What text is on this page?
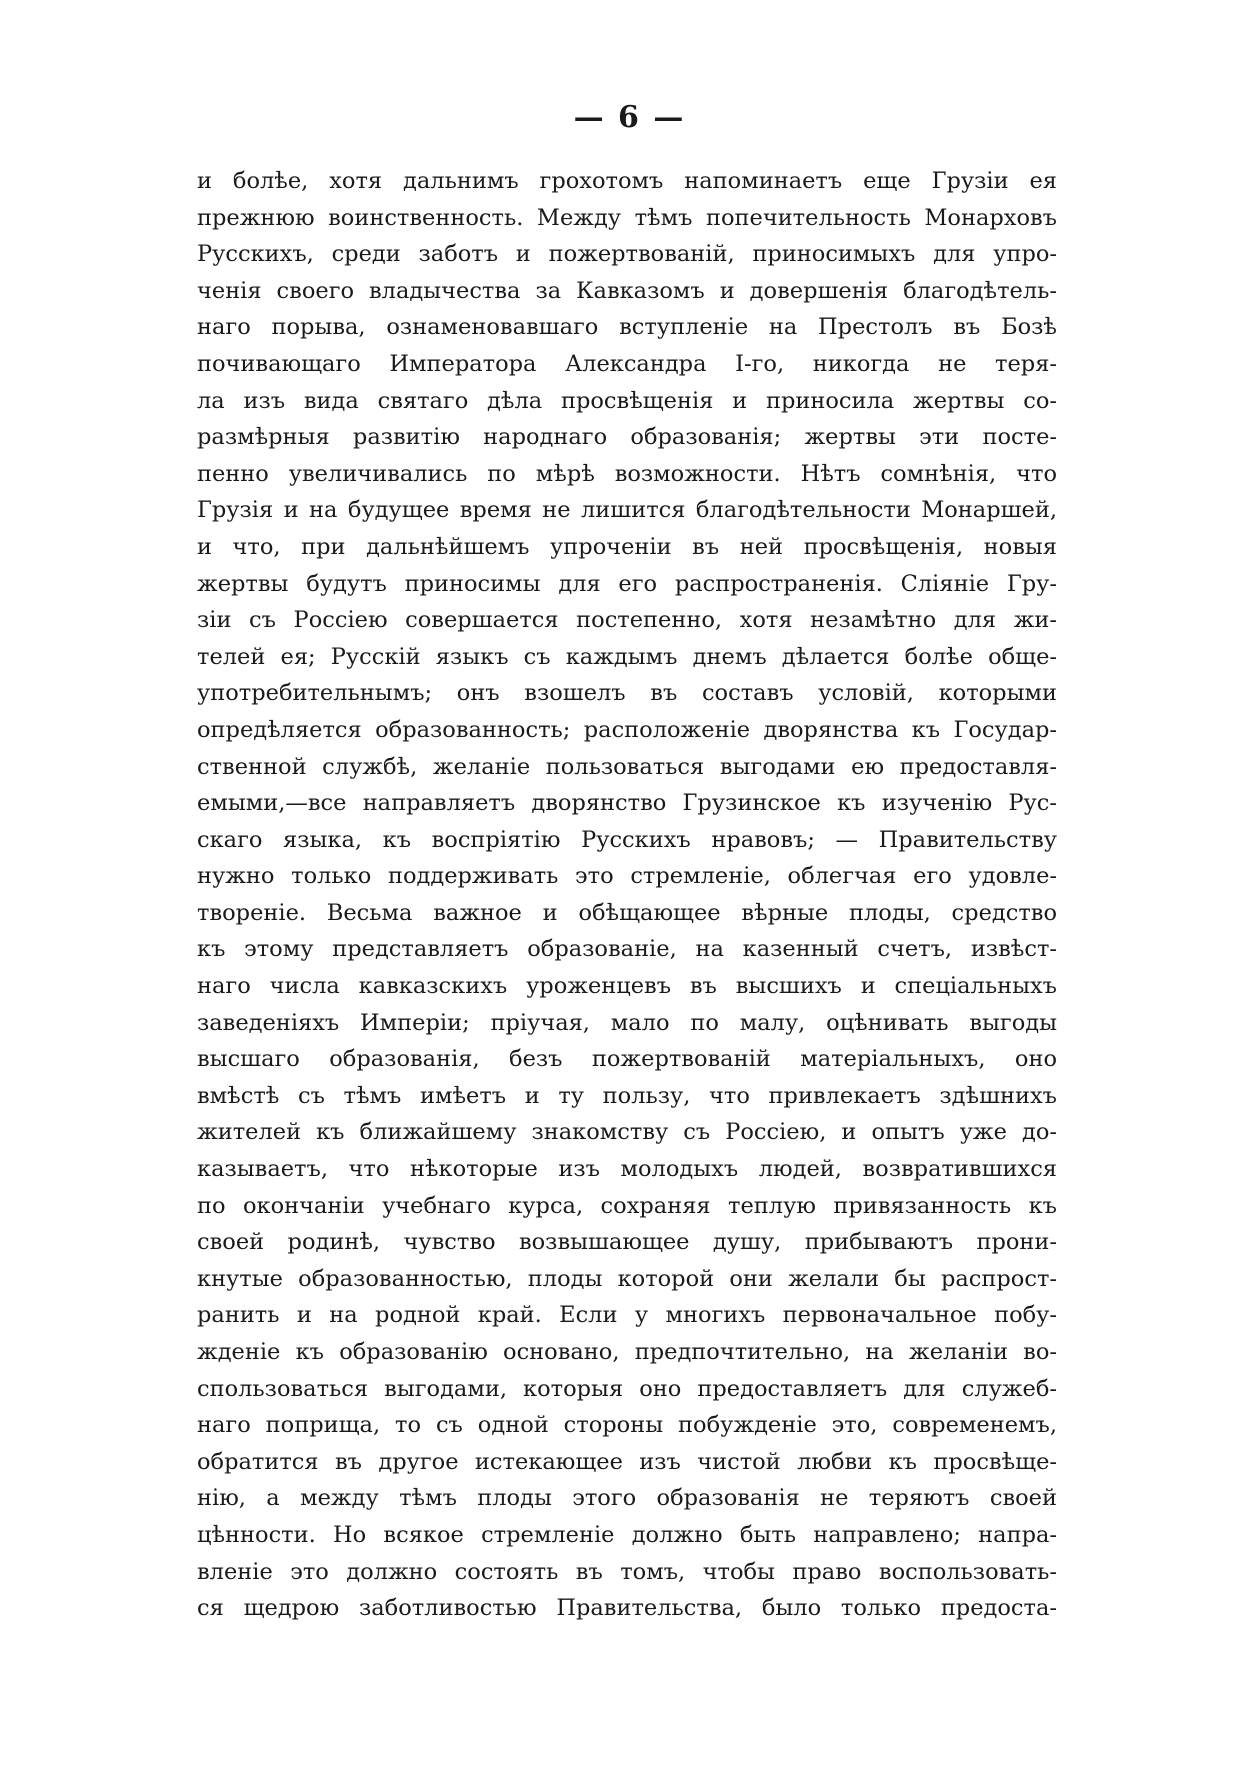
— 6 —
и болѣе, хотя дальнимъ грохотомъ напоминаетъ еще Грузіи ея
прежнюю воинственность. Между тѣмъ попечительность Монарховъ
Русскихъ, среди заботъ и пожертвованій, приносимыхъ для упро-
ченія своего владычества за Кавказомъ и довершенія благодѣтель-
наго порыва, ознаменовавшаго вступленіе на Престолъ въ Бозѣ
почивающаго Императора Александра I-го, никогда не теря-
ла изъ вида святаго дѣла просвѣщенія и приносила жертвы со-
размѣрныя развитію народнаго образованія; жертвы эти посте-
пенно увеличивались по мѣрѣ возможности. Нѣтъ сомнѣнія, что
Грузія и на будущее время не лишится благодѣтельности Монаршей,
и что, при дальнѣйшемъ упроченіи въ ней просвѣщенія, новыя
жертвы будутъ приносимы для его распространенія. Сліяніе Гру-
зіи съ Россіею совершается постепенно, хотя незамѣтно для жи-
телей ея; Русскій языкъ съ каждымъ днемъ дѣлается болѣе обще-
употребительнымъ; онъ взошелъ въ составъ условій, которыми
опредѣляется образованность; расположеніе дворянства къ Государ-
ственной службѣ, желаніе пользоваться выгодами ею предоставля-
емыми,—все направляетъ дворянство Грузинское къ изученію Рус-
скаго языка, къ воспріятію Русскихъ нравовъ; — Правительству
нужно только поддерживать это стремленіе, облегчая его удовле-
твореніе. Весьма важное и обѣщающее вѣрные плоды, средство
къ этому представляетъ образованіе, на казенный счетъ, извѣст-
наго числа кавказскихъ уроженцевъ въ высшихъ и спеціальныхъ
заведеніяхъ Имперіи; пріучая, мало по малу, оцѣнивать выгоды
высшаго образованія, безъ пожертвованій матеріальныхъ, оно
вмѣстѣ съ тѣмъ имѣетъ и ту пользу, что привлекаетъ здѣшнихъ
жителей къ ближайшему знакомству съ Россіею, и опытъ уже до-
казываетъ, что нѣкоторые изъ молодыхъ людей, возвратившихся
по окончаніи учебнаго курса, сохраняя теплую привязанность къ
своей родинѣ, чувство возвышающее душу, прибываютъ прони-
кнутые образованностью, плоды которой они желали бы распрост-
ранить и на родной край. Если у многихъ первоначальное побу-
жденіе къ образованію основано, предпочтительно, на желаніи во-
спользоваться выгодами, которыя оно предоставляетъ для служеб-
наго поприща, то съ одной стороны побужденіе это, современемъ,
обратится въ другое истекающее изъ чистой любви къ просвѣще-
нію, а между тѣмъ плоды этого образованія не теряютъ своей
цѣнности. Но всякое стремленіе должно быть направлено; напра-
вленіе это должно состоять въ томъ, чтобы право воспользовать-
ся щедрою заботливостью Правительства, было только предоста-
